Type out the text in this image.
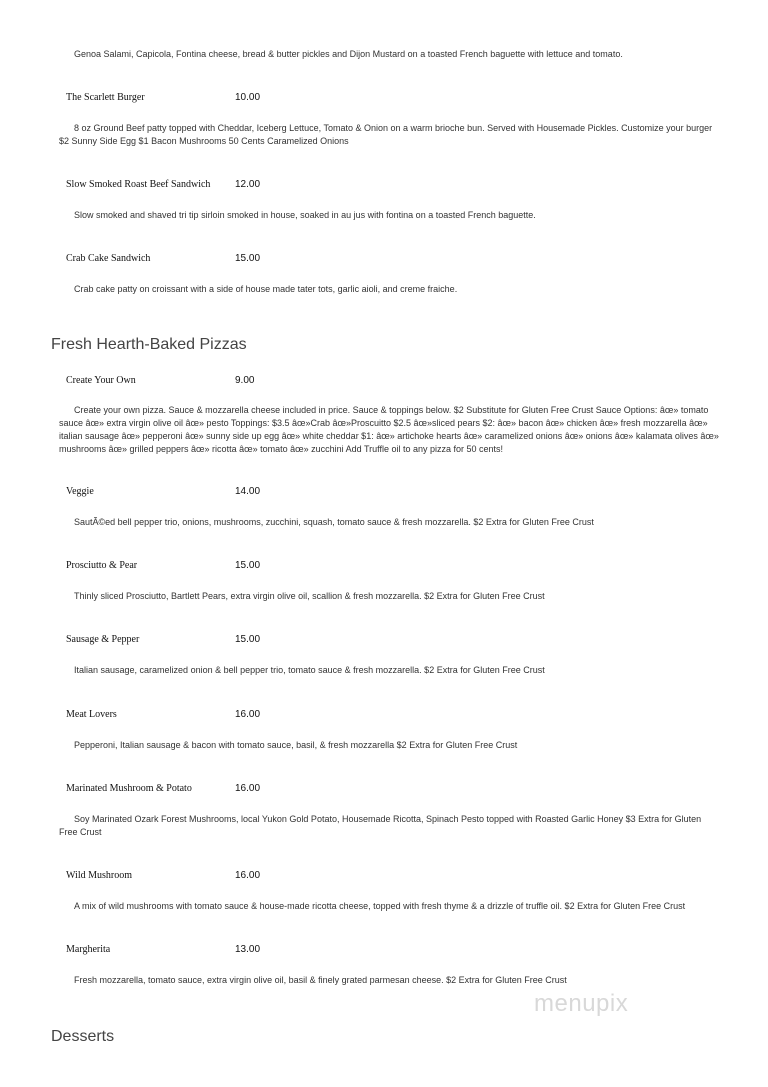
Genoa Salami, Capicola, Fontina cheese, bread & butter pickles and Dijon Mustard on a toasted French baguette with lettuce and tomato.
The Scarlett Burger	10.00
8 oz Ground Beef patty topped with Cheddar, Iceberg Lettuce, Tomato & Onion on a warm brioche bun. Served with Housemade Pickles. Customize your burger $2 Sunny Side Egg $1 Bacon Mushrooms 50 Cents Caramelized Onions
Slow Smoked Roast Beef Sandwich 12.00
Slow smoked and shaved tri tip sirloin smoked in house, soaked in au jus with fontina on a toasted French baguette.
Crab Cake Sandwich	15.00
Crab cake patty on croissant with a side of house made tater tots, garlic aioli, and creme fraiche.
Fresh Hearth-Baked Pizzas
Create Your Own	9.00
Create your own pizza. Sauce & mozzarella cheese included in price. Sauce & toppings below. $2 Substitute for Gluten Free Crust Sauce Options: âœ» tomato sauce âœ» extra virgin olive oil âœ» pesto Toppings: $3.5 âœ»Crab âœ»Proscuitto $2.5 âœ»sliced pears $2: âœ» bacon âœ» chicken âœ» fresh mozzarella âœ» italian sausage âœ» pepperoni âœ» sunny side up egg âœ» white cheddar $1: âœ» artichoke hearts âœ» caramelized onions âœ» onions âœ» kalamata olives âœ» mushrooms âœ» grilled peppers âœ» ricotta âœ» tomato âœ» zucchini Add Truffle oil to any pizza for 50 cents!
Veggie	14.00
SautÃ©ed bell pepper trio, onions, mushrooms, zucchini, squash, tomato sauce & fresh mozzarella. $2 Extra for Gluten Free Crust
Prosciutto & Pear	15.00
Thinly sliced Prosciutto, Bartlett Pears, extra virgin olive oil, scallion & fresh mozzarella. $2 Extra for Gluten Free Crust
Sausage & Pepper	15.00
Italian sausage, caramelized onion & bell pepper trio, tomato sauce & fresh mozzarella. $2 Extra for Gluten Free Crust
Meat Lovers	16.00
Pepperoni, Italian sausage & bacon with tomato sauce, basil, & fresh mozzarella $2 Extra for Gluten Free Crust
Marinated Mushroom & Potato	16.00
Soy Marinated Ozark Forest Mushrooms, local Yukon Gold Potato, Housemade Ricotta, Spinach Pesto topped with Roasted Garlic Honey $3 Extra for Gluten Free Crust
Wild Mushroom	16.00
A mix of wild mushrooms with tomato sauce & house-made ricotta cheese, topped with fresh thyme & a drizzle of truffle oil. $2 Extra for Gluten Free Crust
Margherita	13.00
Fresh mozzarella, tomato sauce, extra virgin olive oil, basil & finely grated parmesan cheese. $2 Extra for Gluten Free Crust
Desserts
menupix
